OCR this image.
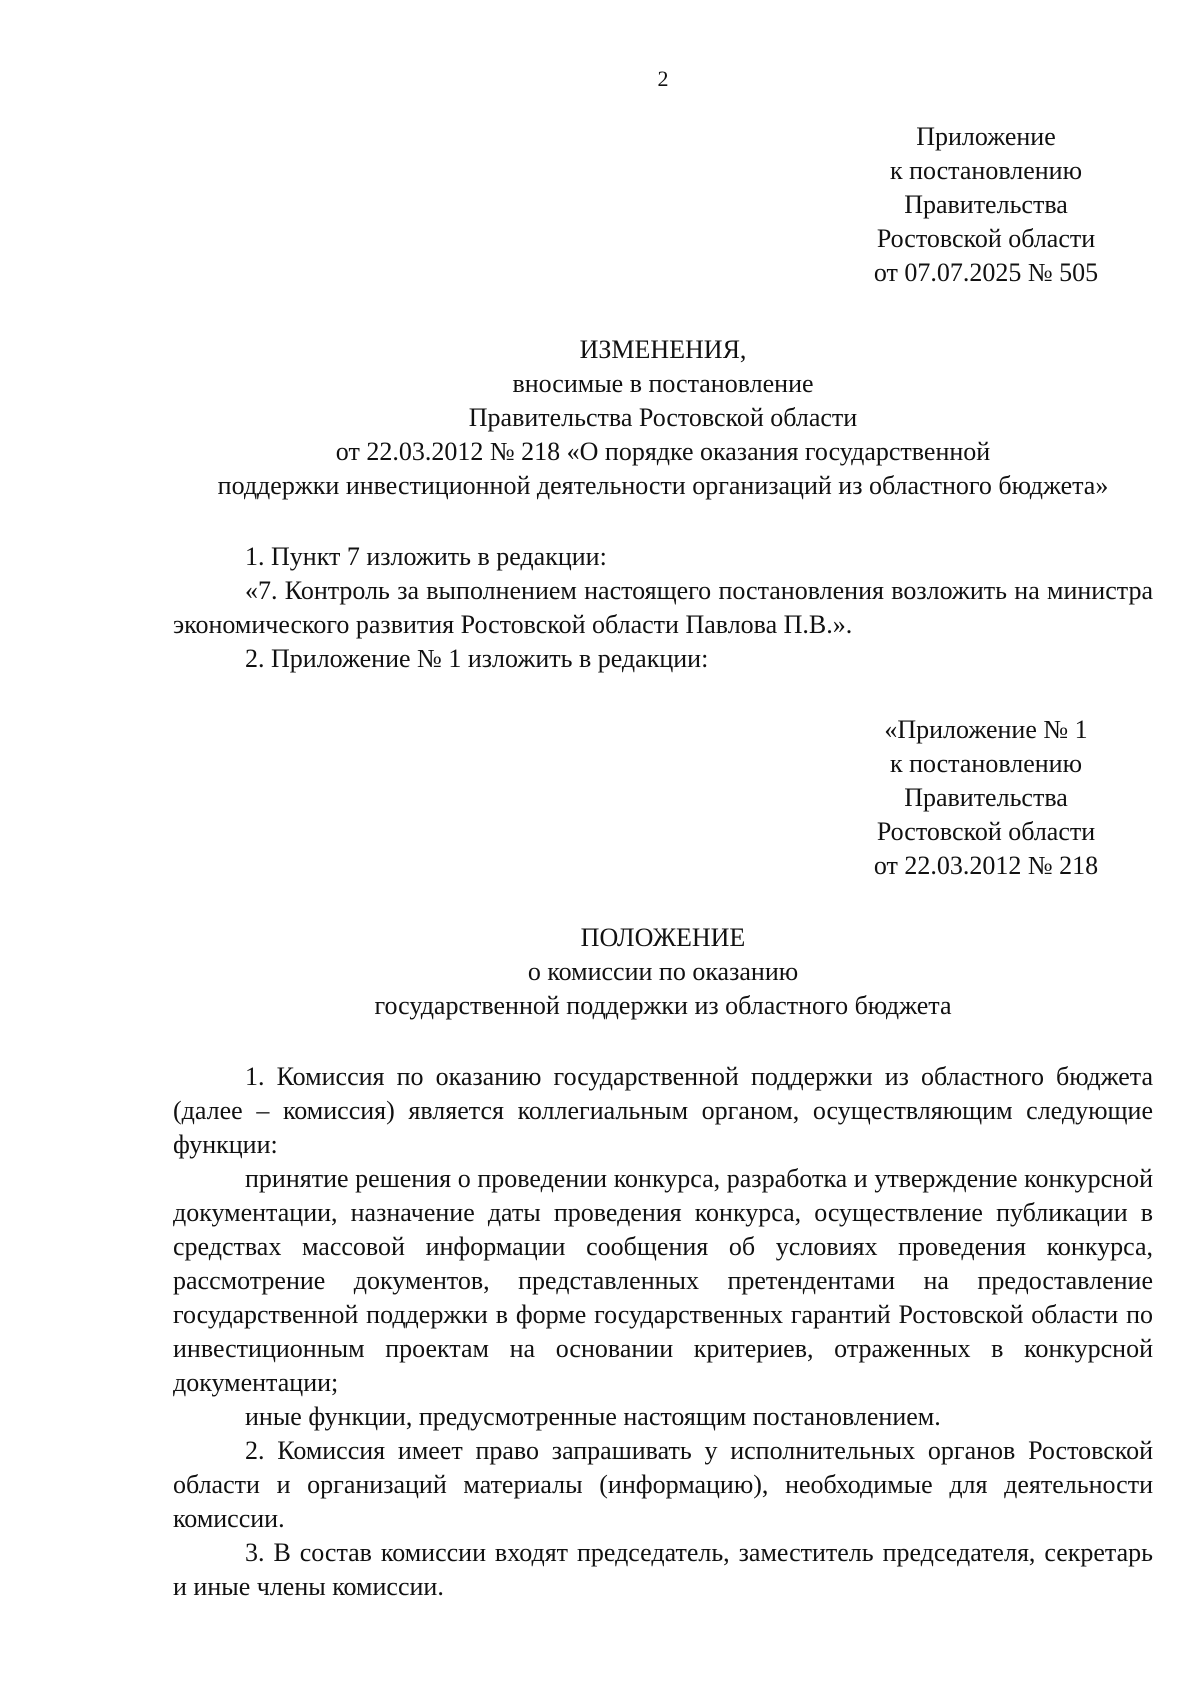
2
Приложение
к постановлению
Правительства
Ростовской области
от 07.07.2025 № 505
ИЗМЕНЕНИЯ,
вносимые в постановление
Правительства Ростовской области
от 22.03.2012 № 218 «О порядке оказания государственной
поддержки инвестиционной деятельности организаций из областного бюджета»

1. Пункт 7 изложить в редакции:

«7. Контроль за выполнением настоящего постановления возложить на министра экономического развития Ростовской области Павлова П.В.».

2. Приложение № 1 изложить в редакции:

«Приложение № 1
к постановлению
Правительства
Ростовской области
от 22.03.2012 № 218
ПОЛОЖЕНИЕ
о комиссии по оказанию
государственной поддержки из областного бюджета

1. Комиссия по оказанию государственной поддержки из областного бюджета (далее – комиссия) является коллегиальным органом, осуществляющим следующие функции:

принятие решения о проведении конкурса, разработка и утверждение конкурсной документации, назначение даты проведения конкурса, осуществление публикации в средствах массовой информации сообщения об условиях проведения конкурса, рассмотрение документов, представленных претендентами на предоставление государственной поддержки в форме государственных гарантий Ростовской области по инвестиционным проектам на основании критериев, отраженных в конкурсной документации;

иные функции, предусмотренные настоящим постановлением.

2. Комиссия имеет право запрашивать у исполнительных органов Ростовской области и организаций материалы (информацию), необходимые для деятельности комиссии.

3. В состав комиссии входят председатель, заместитель председателя, секретарь и иные члены комиссии.
